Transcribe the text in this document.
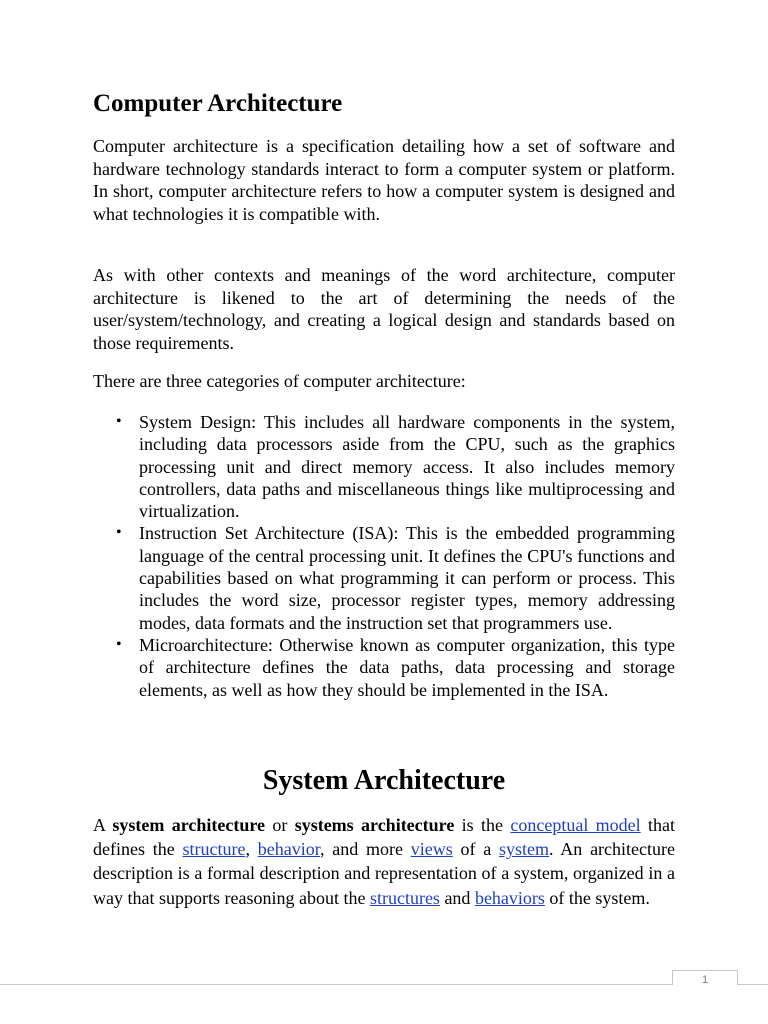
Computer Architecture

Computer architecture is a specification detailing how a set of software and hardware technology standards interact to form a computer system or platform. In short, computer architecture refers to how a computer system is designed and what technologies it is compatible with.

As with other contexts and meanings of the word architecture, computer architecture is likened to the art of determining the needs of the user/system/technology, and creating a logical design and standards based on those requirements.

There are three categories of computer architecture:

• System Design: This includes all hardware components in the system, including data processors aside from the CPU, such as the graphics processing unit and direct memory access. It also includes memory controllers, data paths and miscellaneous things like multiprocessing and virtualization.
• Instruction Set Architecture (ISA): This is the embedded programming language of the central processing unit. It defines the CPU's functions and capabilities based on what programming it can perform or process. This includes the word size, processor register types, memory addressing modes, data formats and the instruction set that programmers use.
• Microarchitecture: Otherwise known as computer organization, this type of architecture defines the data paths, data processing and storage elements, as well as how they should be implemented in the ISA.
System Architecture

A system architecture or systems architecture is the conceptual model that defines the structure, behavior, and more views of a system. An architecture description is a formal description and representation of a system, organized in a way that supports reasoning about the structures and behaviors of the system.

1
